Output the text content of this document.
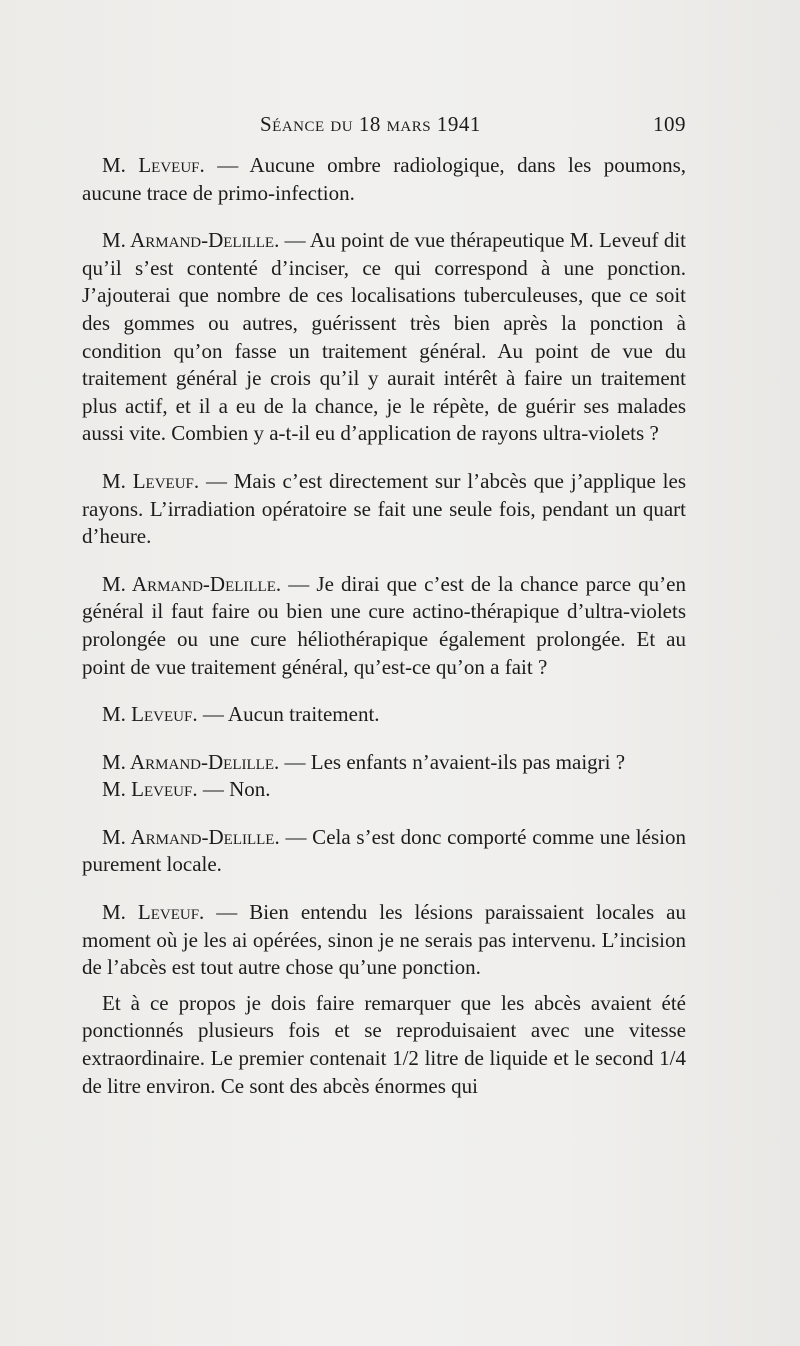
Séance du 18 mars 1941	109

M. Leveuf. — Aucune ombre radiologique, dans les poumons, aucune trace de primo-infection.

M. Armand-Delille. — Au point de vue thérapeutique M. Leveuf dit qu’il s’est contenté d’inciser, ce qui correspond à une ponction. J’ajouterai que nombre de ces localisations tuberculeuses, que ce soit des gommes ou autres, guérissent très bien après la ponction à condition qu’on fasse un traitement général. Au point de vue du traitement général je crois qu’il y aurait intérêt à faire un traitement plus actif, et il a eu de la chance, je le répète, de guérir ses malades aussi vite. Combien y a-t-il eu d’application de rayons ultra-violets ?

M. Leveuf. — Mais c’est directement sur l’abcès que j’applique les rayons. L’irradiation opératoire se fait une seule fois, pendant un quart d’heure.

M. Armand-Delille. — Je dirai que c’est de la chance parce qu’en général il faut faire ou bien une cure actino-thérapique d’ultra-violets prolongée ou une cure héliothérapique également prolongée. Et au point de vue traitement général, qu’est-ce qu’on a fait ?

M. Leveuf. — Aucun traitement.

M. Armand-Delille. — Les enfants n’avaient-ils pas maigri ?

M. Leveuf. — Non.

M. Armand-Delille. — Cela s’est donc comporté comme une lésion purement locale.

M. Leveuf. — Bien entendu les lésions paraissaient locales au moment où je les ai opérées, sinon je ne serais pas intervenu. L’incision de l’abcès est tout autre chose qu’une ponction.

Et à ce propos je dois faire remarquer que les abcès avaient été ponctionnés plusieurs fois et se reproduisaient avec une vitesse extraordinaire. Le premier contenait 1/2 litre de liquide et le second 1/4 de litre environ. Ce sont des abcès énormes qui
